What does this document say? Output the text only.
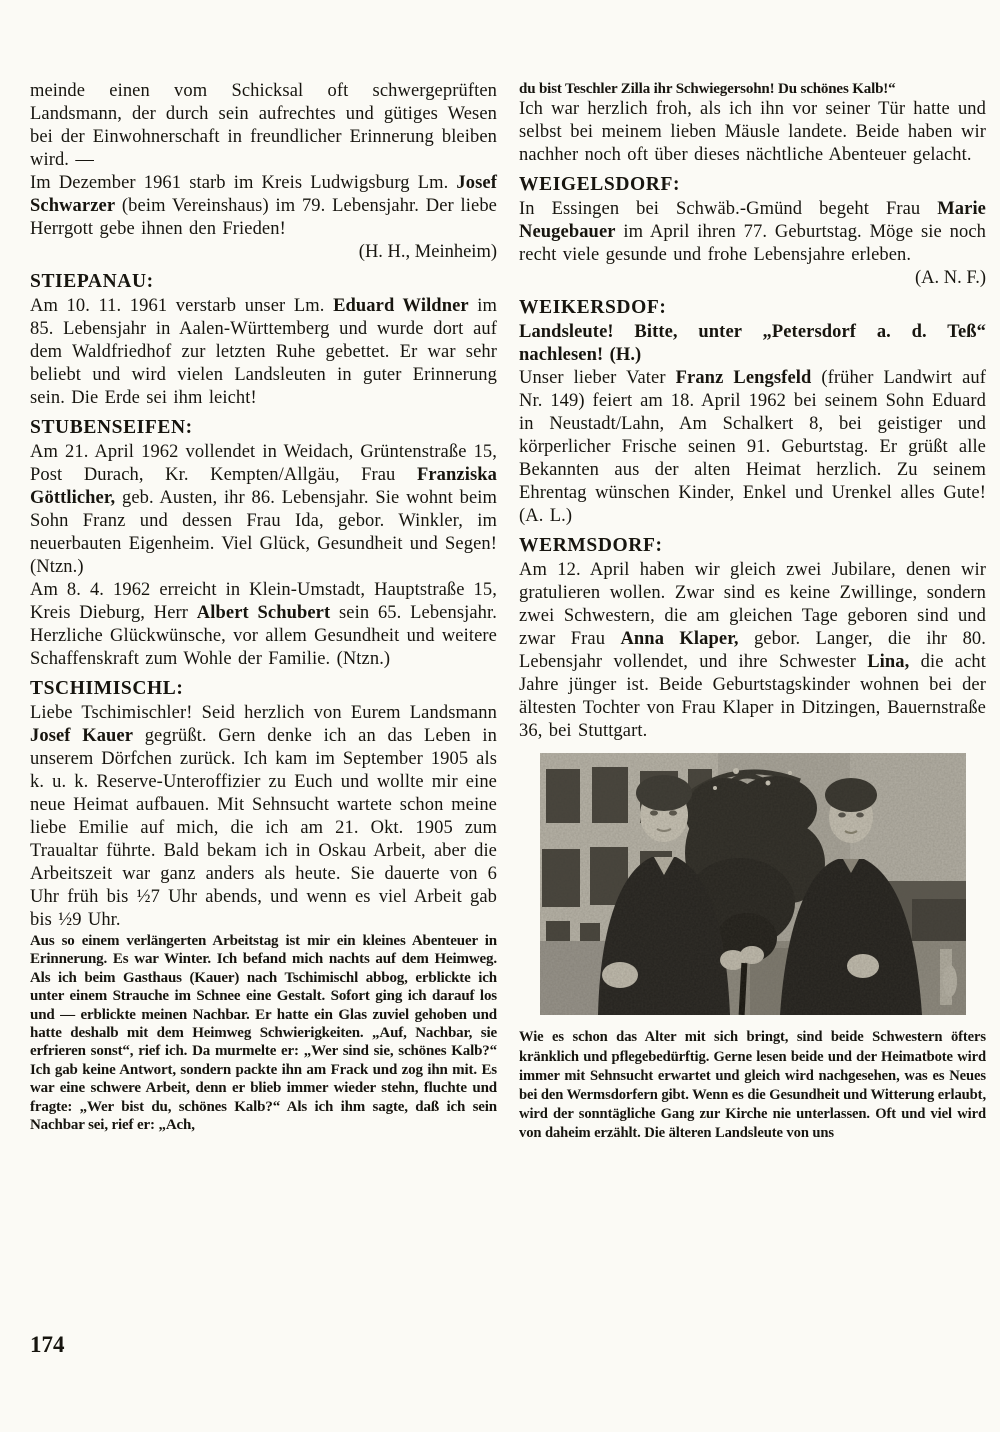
meinde einen vom Schicksal oft schwergeprüften Landsmann, der durch sein aufrechtes und gütiges Wesen bei der Einwohnerschaft in freundlicher Erinnerung bleiben wird. —

Im Dezember 1961 starb im Kreis Ludwigsburg Lm. Josef Schwarzer (beim Vereinshaus) im 79. Lebensjahr. Der liebe Herrgott gebe ihnen den Frieden!

(H. H., Meinheim)
STIEPANAU:

Am 10. 11. 1961 verstarb unser Lm. Eduard Wildner im 85. Lebensjahr in Aalen-Württemberg und wurde dort auf dem Waldfriedhof zur letzten Ruhe gebettet. Er war sehr beliebt und wird vielen Landsleuten in guter Erinnerung sein. Die Erde sei ihm leicht!

STUBENSEIFEN:

Am 21. April 1962 vollendet in Weidach, Grüntenstraße 15, Post Durach, Kr. Kempten/Allgäu, Frau Franziska Göttlicher, geb. Austen, ihr 86. Lebensjahr. Sie wohnt beim Sohn Franz und dessen Frau Ida, gebor. Winkler, im neuerbauten Eigenheim. Viel Glück, Gesundheit und Segen! (Ntzn.)

Am 8. 4. 1962 erreicht in Klein-Umstadt, Hauptstraße 15, Kreis Dieburg, Herr Albert Schubert sein 65. Lebensjahr. Herzliche Glückwünsche, vor allem Gesundheit und weitere Schaffenskraft zum Wohle der Familie. (Ntzn.)

TSCHIMISCHL:

Liebe Tschimischler! Seid herzlich von Eurem Landsmann Josef Kauer gegrüßt. Gern denke ich an das Leben in unserem Dörfchen zurück. Ich kam im September 1905 als k. u. k. Reserve-Unteroffizier zu Euch und wollte mir eine neue Heimat aufbauen. Mit Sehnsucht wartete schon meine liebe Emilie auf mich, die ich am 21. Okt. 1905 zum Traualtar führte. Bald bekam ich in Oskau Arbeit, aber die Arbeitszeit war ganz anders als heute. Sie dauerte von 6 Uhr früh bis ½7 Uhr abends, und wenn es viel Arbeit gab bis ½9 Uhr.

Aus so einem verlängerten Arbeitstag ist mir ein kleines Abenteuer in Erinnerung. Es war Winter. Ich befand mich nachts auf dem Heimweg. Als ich beim Gasthaus (Kauer) nach Tschimischl abbog, erblickte ich unter einem Strauche im Schnee eine Gestalt. Sofort ging ich darauf los und — erblickte meinen Nachbar. Er hatte ein Glas zuviel gehoben und hatte deshalb mit dem Heimweg Schwierigkeiten. „Auf, Nachbar, sie erfrieren sonst“, rief ich. Da murmelte er: „Wer sind sie, schönes Kalb?“ Ich gab keine Antwort, sondern packte ihn am Frack und zog ihn mit. Es war eine schwere Arbeit, denn er blieb immer wieder stehn, fluchte und fragte: „Wer bist du, schönes Kalb?“ Als ich ihm sagte, daß ich sein Nachbar sei, rief er: „Ach,

du bist Teschler Zilla ihr Schwiegersohn! Du schönes Kalb!“

Ich war herzlich froh, als ich ihn vor seiner Tür hatte und selbst bei meinem lieben Mäusle landete. Beide haben wir nachher noch oft über dieses nächtliche Abenteuer gelacht.

WEIGELSDORF:

In Essingen bei Schwäb.-Gmünd begeht Frau Marie Neugebauer im April ihren 77. Geburtstag. Möge sie noch recht viele gesunde und frohe Lebensjahre erleben.

(A. N. F.)
WEIKERSDOF:

Landsleute! Bitte, unter „Petersdorf a. d. Teß“ nachlesen! (H.)

Unser lieber Vater Franz Lengsfeld (früher Landwirt auf Nr. 149) feiert am 18. April 1962 bei seinem Sohn Eduard in Neustadt/Lahn, Am Schalkert 8, bei geistiger und körperlicher Frische seinen 91. Geburtstag. Er grüßt alle Bekannten aus der alten Heimat herzlich. Zu seinem Ehrentag wünschen Kinder, Enkel und Urenkel alles Gute! (A. L.)

WERMSDORF:

Am 12. April haben wir gleich zwei Jubilare, denen wir gratulieren wollen. Zwar sind es keine Zwillinge, sondern zwei Schwestern, die am gleichen Tage geboren sind und zwar Frau Anna Klaper, gebor. Langer, die ihr 80. Lebensjahr vollendet, und ihre Schwester Lina, die acht Jahre jünger ist. Beide Geburtstagskinder wohnen bei der ältesten Tochter von Frau Klaper in Ditzingen, Bauernstraße 36, bei Stuttgart.

Wie es schon das Alter mit sich bringt, sind beide Schwestern öfters kränklich und pflegebedürftig. Gerne lesen beide und der Heimatbote wird immer mit Sehnsucht erwartet und gleich wird nachgesehen, was es Neues bei den Wermsdorfern gibt. Wenn es die Gesundheit und Witterung erlaubt, wird der sonntägliche Gang zur Kirche nie unterlassen. Oft und viel wird von daheim erzählt. Die älteren Landsleute von uns

174
